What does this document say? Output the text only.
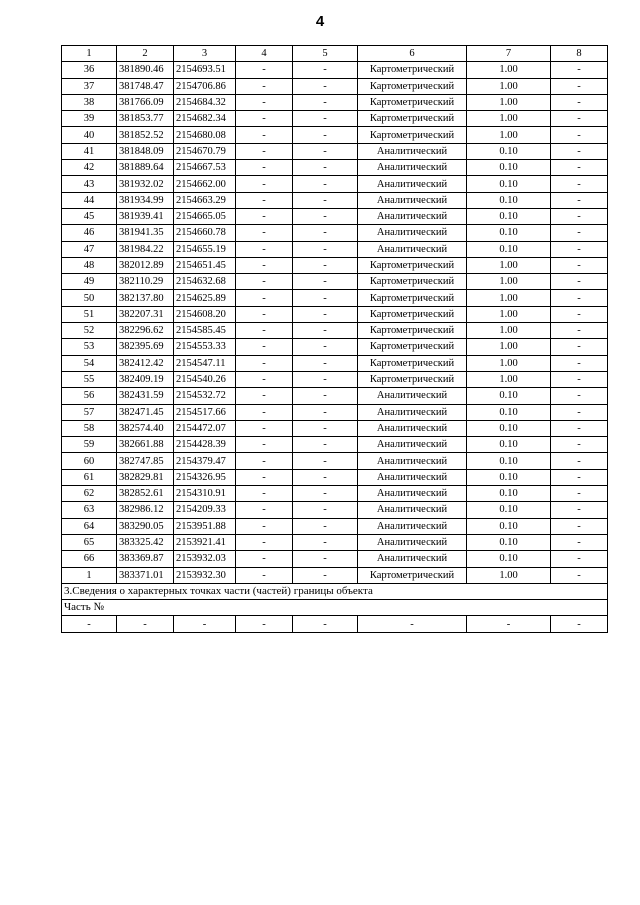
4
1	2	3	4	5	6	7	8
36	381890.46	2154693.51	-	-	Картометрический	1.00	-
37	381748.47	2154706.86	-	-	Картометрический	1.00	-
38	381766.09	2154684.32	-	-	Картометрический	1.00	-
39	381853.77	2154682.34	-	-	Картометрический	1.00	-
40	381852.52	2154680.08	-	-	Картометрический	1.00	-
41	381848.09	2154670.79	-	-	Аналитический	0.10	-
42	381889.64	2154667.53	-	-	Аналитический	0.10	-
43	381932.02	2154662.00	-	-	Аналитический	0.10	-
44	381934.99	2154663.29	-	-	Аналитический	0.10	-
45	381939.41	2154665.05	-	-	Аналитический	0.10	-
46	381941.35	2154660.78	-	-	Аналитический	0.10	-
47	381984.22	2154655.19	-	-	Аналитический	0.10	-
48	382012.89	2154651.45	-	-	Картометрический	1.00	-
49	382110.29	2154632.68	-	-	Картометрический	1.00	-
50	382137.80	2154625.89	-	-	Картометрический	1.00	-
51	382207.31	2154608.20	-	-	Картометрический	1.00	-
52	382296.62	2154585.45	-	-	Картометрический	1.00	-
53	382395.69	2154553.33	-	-	Картометрический	1.00	-
54	382412.42	2154547.11	-	-	Картометрический	1.00	-
55	382409.19	2154540.26	-	-	Картометрический	1.00	-
56	382431.59	2154532.72	-	-	Аналитический	0.10	-
57	382471.45	2154517.66	-	-	Аналитический	0.10	-
58	382574.40	2154472.07	-	-	Аналитический	0.10	-
59	382661.88	2154428.39	-	-	Аналитический	0.10	-
60	382747.85	2154379.47	-	-	Аналитический	0.10	-
61	382829.81	2154326.95	-	-	Аналитический	0.10	-
62	382852.61	2154310.91	-	-	Аналитический	0.10	-
63	382986.12	2154209.33	-	-	Аналитический	0.10	-
64	383290.05	2153951.88	-	-	Аналитический	0.10	-
65	383325.42	2153921.41	-	-	Аналитический	0.10	-
66	383369.87	2153932.03	-	-	Аналитический	0.10	-
1	383371.01	2153932.30	-	-	Картометрический	1.00	-
3.Сведения о характерных точках части (частей) границы объекта							
Часть №							
-	-	-	-	-	-	-	-
